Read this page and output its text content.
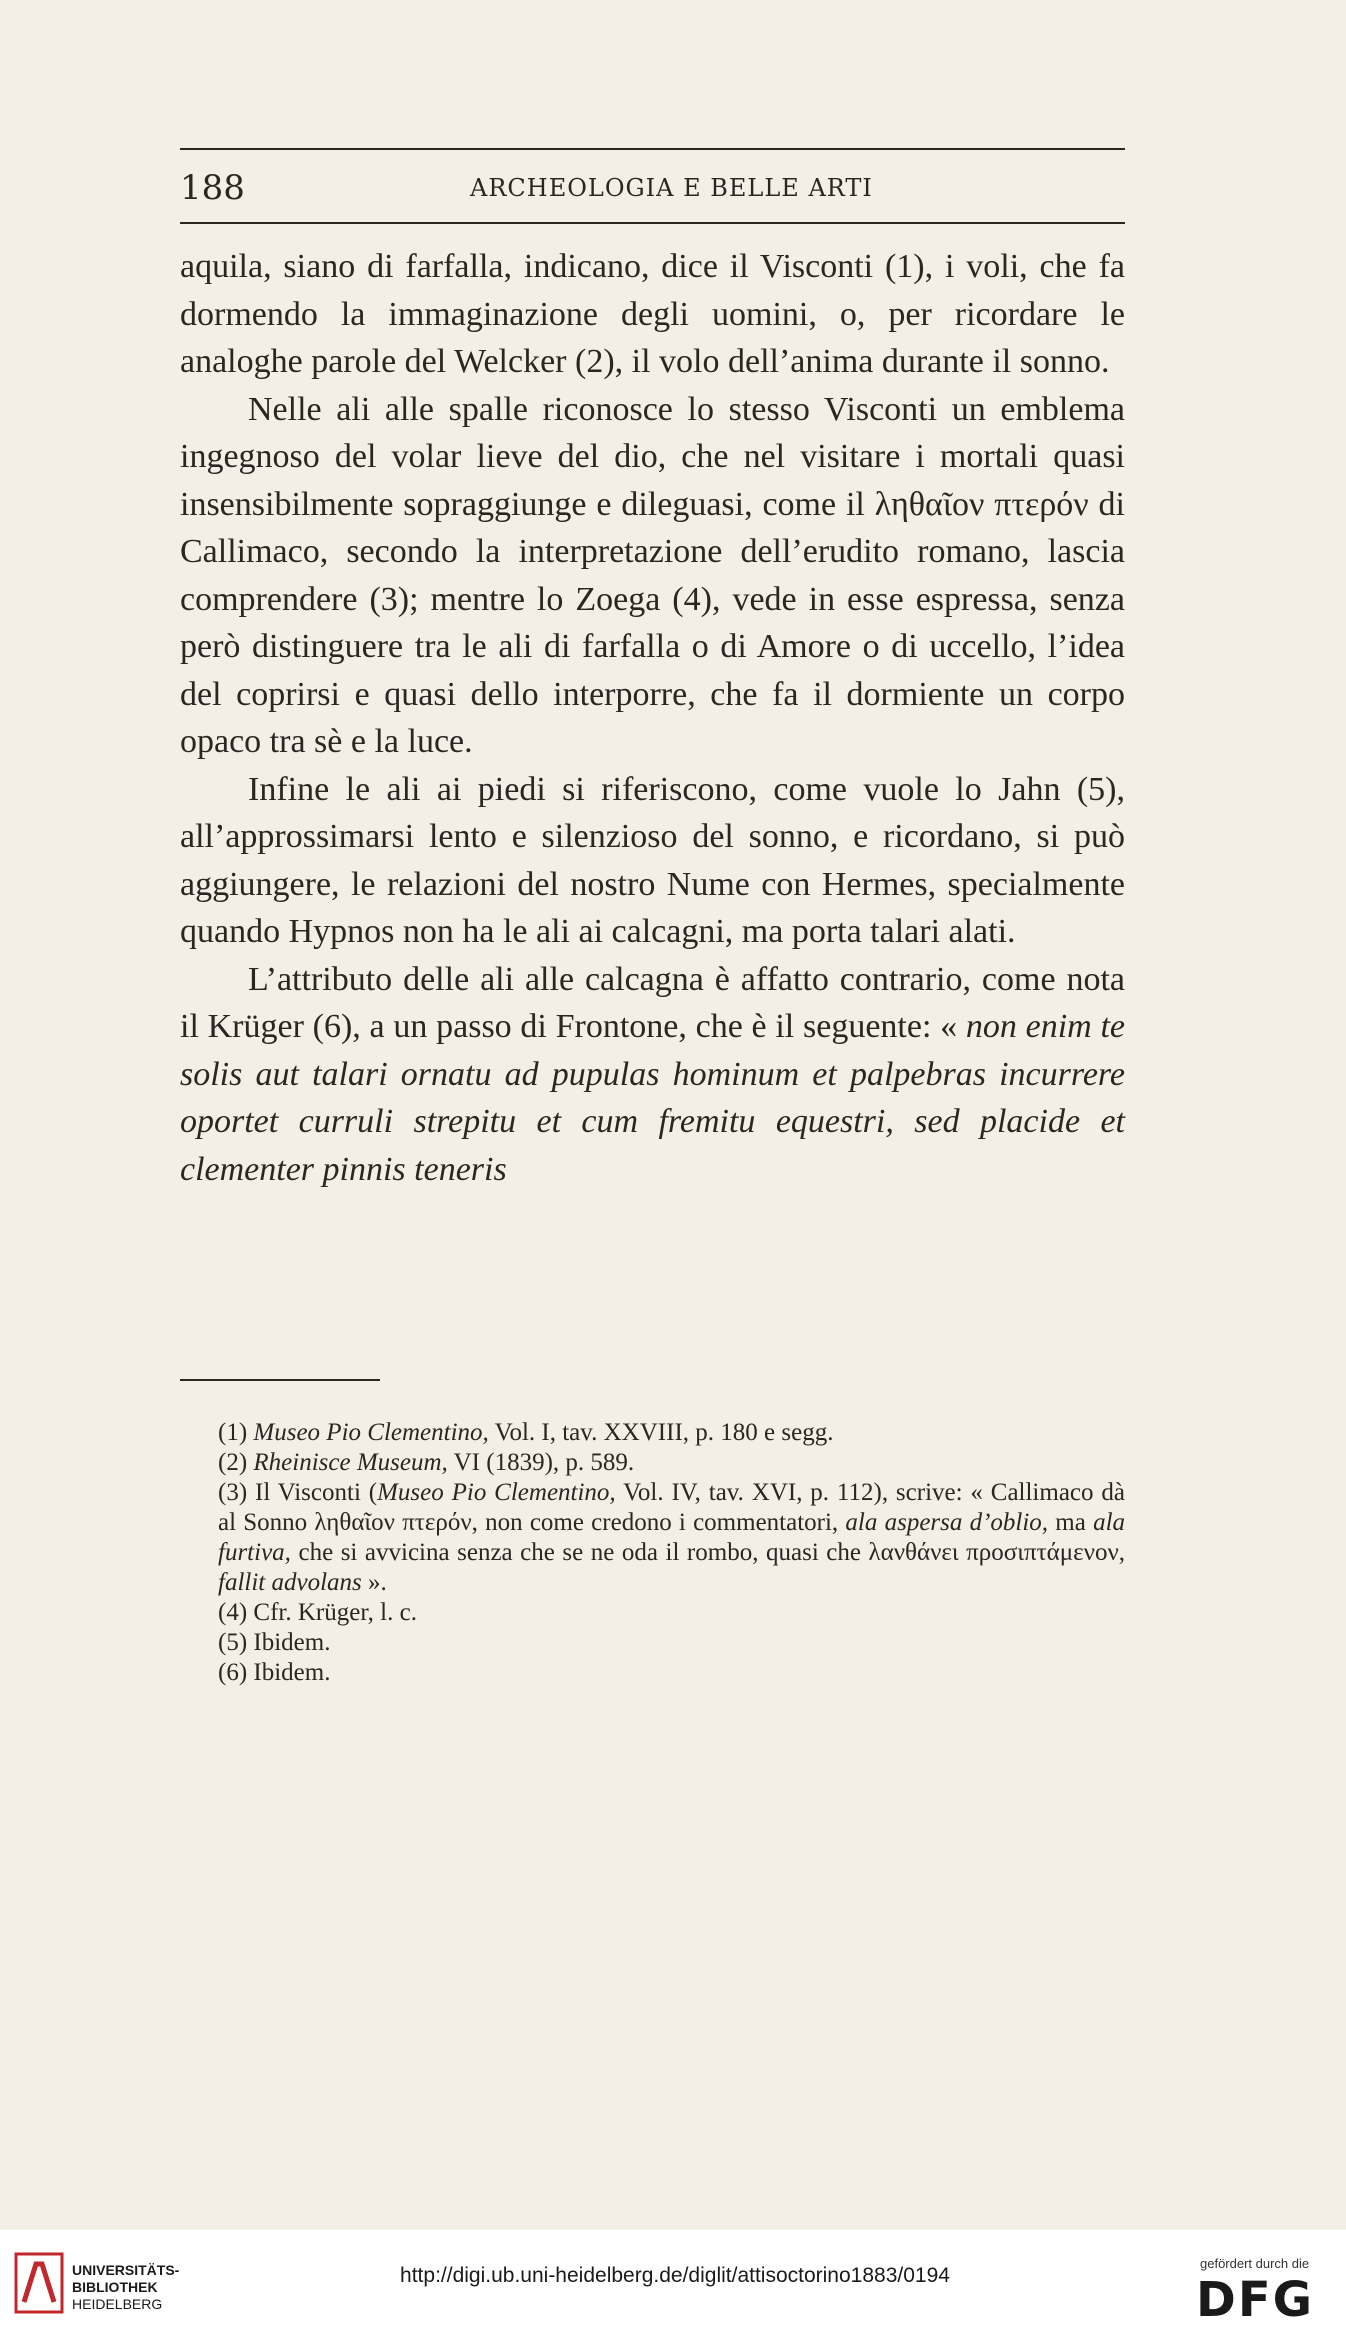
188	ARCHEOLOGIA E BELLE ARTI

aquila, siano di farfalla, indicano, dice il Visconti (1), i voli, che fa dormendo la immaginazione degli uomini, o, per ricordare le analoghe parole del Welcker (2), il volo dell’anima durante il sonno.

Nelle ali alle spalle riconosce lo stesso Visconti un emblema ingegnoso del volar lieve del dio, che nel visitare i mortali quasi insensibilmente sopraggiunge e dileguasi, come il ληθαῖον πτερόν di Callimaco, secondo la interpretazione dell’erudito romano, lascia comprendere (3); mentre lo Zoega (4), vede in esse espressa, senza però distinguere tra le ali di farfalla o di Amore o di uccello, l’idea del coprirsi e quasi dello interporre, che fa il dormiente un corpo opaco tra sè e la luce.

Infine le ali ai piedi si riferiscono, come vuole lo Jahn (5), all’approssimarsi lento e silenzioso del sonno, e ricordano, si può aggiungere, le relazioni del nostro Nume con Hermes, specialmente quando Hypnos non ha le ali ai calcagni, ma porta talari alati.

L’attributo delle ali alle calcagna è affatto contrario, come nota il Krüger (6), a un passo di Frontone, che è il seguente: « non enim te solis aut talari ornatu ad pupulas hominum et palpebras incurrere oportet curruli strepitu et cum fremitu equestri, sed placide et clementer pinnis teneris

(1) Museo Pio Clementino, Vol. I, tav. XXVIII, p. 180 e segg.
(2) Rheinisce Museum, VI (1839), p. 589.
(3) Il Visconti (Museo Pio Clementino, Vol. IV, tav. XVI, p. 112), scrive: « Callimaco dà al Sonno ληθαῖον πτερόν, non come credono i commentatori, ala aspersa d’oblio, ma ala furtiva, che si avvicina senza che se ne oda il rombo, quasi che λανθάνει προσιπτάμενον, fallit advolans ».
(4) Cfr. Krüger, l. c.
(5) Ibidem.
(6) Ibidem.
UNIVERSITÄTS-
BIBLIOTHEK
HEIDELBERG
http://digi.ub.uni-heidelberg.de/diglit/attisoctorino1883/0194
gefördert durch die
DFG
